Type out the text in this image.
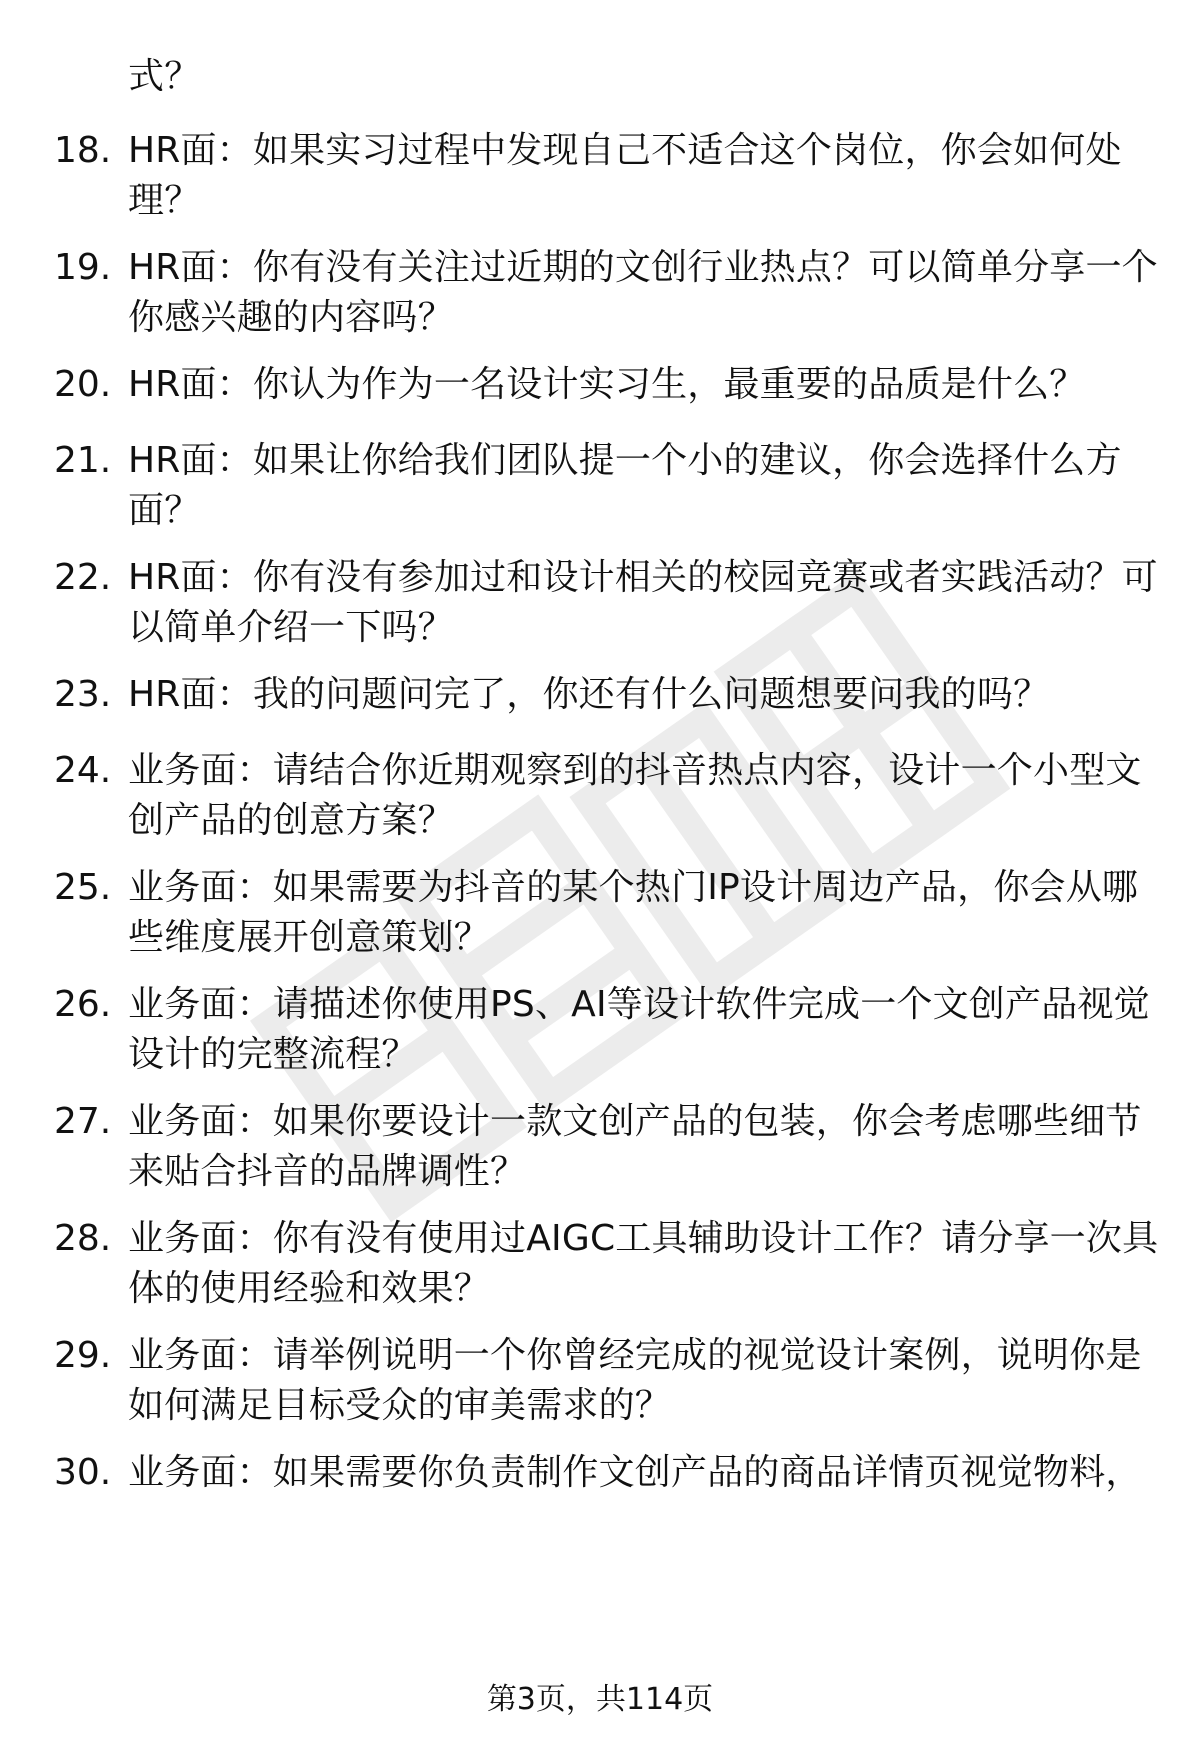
式？
18. HR面：如果实习过程中发现自己不适合这个岗位，你会如何处
理？
19. HR面：你有没有关注过近期的文创行业热点？可以简单分享一个
你感兴趣的内容吗？
20. HR面：你认为作为一名设计实习生，最重要的品质是什么？
21. HR面：如果让你给我们团队提一个小的建议，你会选择什么方
面？
22. HR面：你有没有参加过和设计相关的校园竞赛或者实践活动？可
以简单介绍一下吗？
23. HR面：我的问题问完了，你还有什么问题想要问我的吗？
24. 业务面：请结合你近期观察到的抖音热点内容，设计一个小型文
创产品的创意方案？
25. 业务面：如果需要为抖音的某个热门IP设计周边产品，你会从哪
些维度展开创意策划？
26. 业务面：请描述你使用PS、AI等设计软件完成一个文创产品视觉
设计的完整流程？
27. 业务面：如果你要设计一款文创产品的包装，你会考虑哪些细节
来贴合抖音的品牌调性？
28. 业务面：你有没有使用过AIGC工具辅助设计工作？请分享一次具
体的使用经验和效果？
29. 业务面：请举例说明一个你曾经完成的视觉设计案例，说明你是
如何满足目标受众的审美需求的？
30. 业务面：如果需要你负责制作文创产品的商品详情页视觉物料，
第3页，共114页
